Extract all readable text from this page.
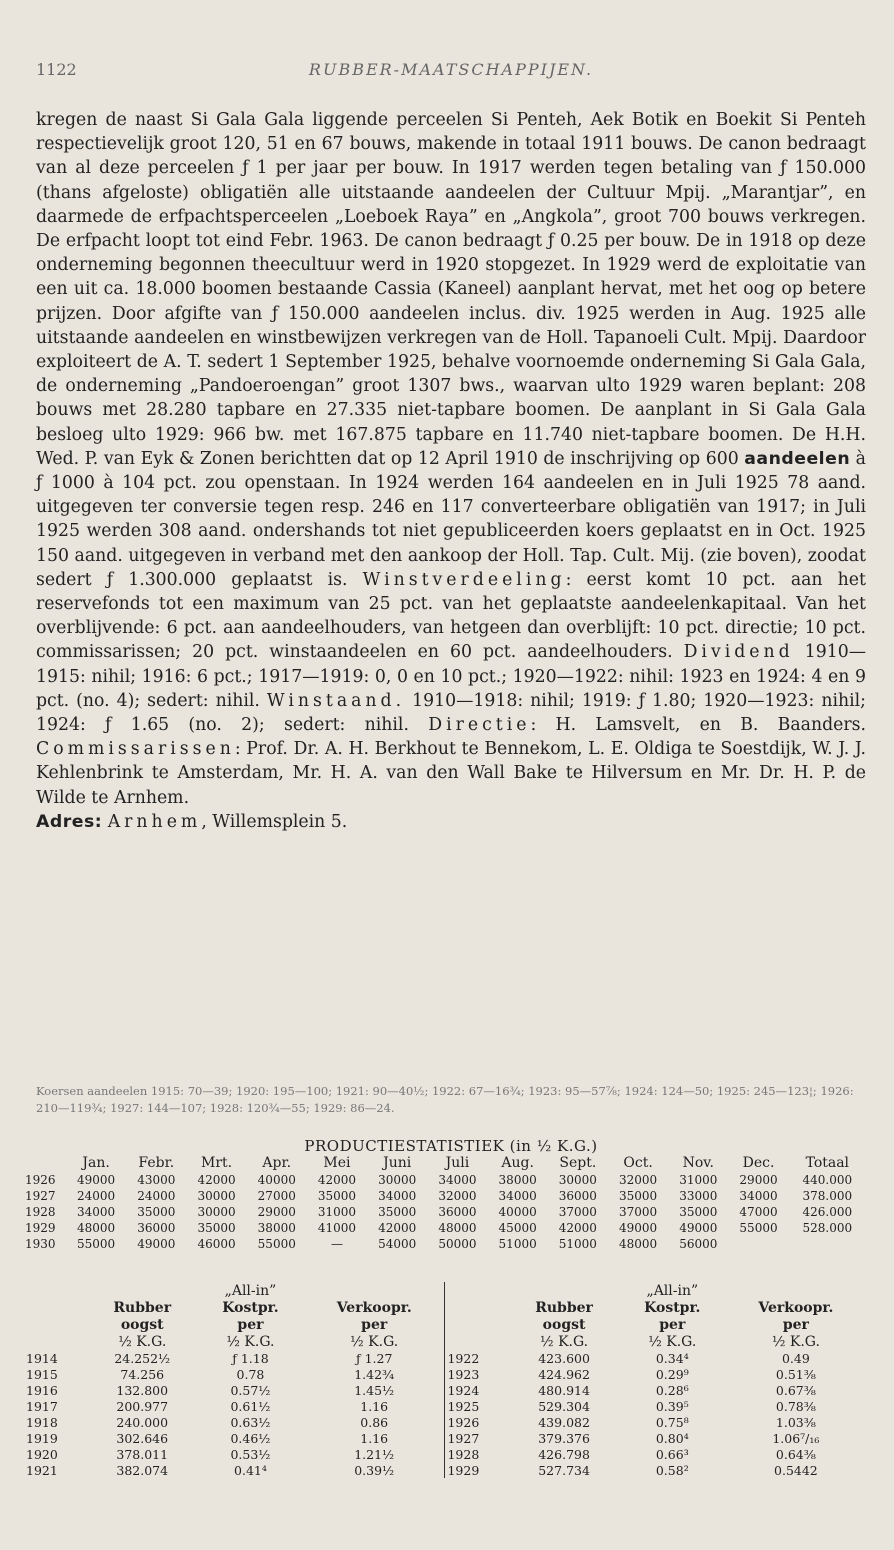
1122	RUBBER-MAATSCHAPPIJEN.

kregen de naast Si Gala Gala liggende perceelen Si Penteh, Aek Botik en Boekit Si Penteh respectievelijk groot 120, 51 en 67 bouws, makende in totaal 1911 bouws. De canon bedraagt van al deze perceelen ƒ 1 per jaar per bouw. In 1917 werden tegen betaling van ƒ 150.000 (thans afgeloste) obligatiën alle uitstaande aandeelen der Cultuur Mpij. „Marantjar”, en daarmede de erfpachtsperceelen „Loeboek Raya” en „Angkola”, groot 700 bouws verkregen. De erfpacht loopt tot eind Febr. 1963. De canon bedraagt ƒ 0.25 per bouw. De in 1918 op deze onderneming begonnen theecultuur werd in 1920 stopgezet. In 1929 werd de exploitatie van een uit ca. 18.000 boomen bestaande Cassia (Kaneel) aanplant hervat, met het oog op betere prijzen. Door afgifte van ƒ 150.000 aandeelen inclus. div. 1925 werden in Aug. 1925 alle uitstaande aandeelen en winstbewijzen verkregen van de Holl. Tapanoeli Cult. Mpij. Daardoor exploiteert de A. T. sedert 1 September 1925, behalve voornoemde onderneming Si Gala Gala, de onderneming „Pandoeroengan” groot 1307 bws., waarvan ulto 1929 waren beplant: 208 bouws met 28.280 tapbare en 27.335 niet-tapbare boomen. De aanplant in Si Gala Gala besloeg ulto 1929: 966 bw. met 167.875 tapbare en 11.740 niet-tapbare boomen. De H.H. Wed. P. van Eyk & Zonen berichtten dat op 12 April 1910 de inschrijving op 600 aandeelen à ƒ 1000 à 104 pct. zou openstaan. In 1924 werden 164 aandeelen en in Juli 1925 78 aand. uitgegeven ter conversie tegen resp. 246 en 117 converteerbare obligatiën van 1917; in Juli 1925 werden 308 aand. ondershands tot niet gepubliceerden koers geplaatst en in Oct. 1925 150 aand. uitgegeven in verband met den aankoop der Holl. Tap. Cult. Mij. (zie boven), zoodat sedert ƒ 1.300.000 geplaatst is. Winstverdeeling: eerst komt 10 pct. aan het reservefonds tot een maximum van 25 pct. van het geplaatste aandeelenkapitaal. Van het overblijvende: 6 pct. aan aandeelhouders, van hetgeen dan overblijft: 10 pct. directie; 10 pct. commissarissen; 20 pct. winstaandeelen en 60 pct. aandeelhouders. Dividend 1910—1915: nihil; 1916: 6 pct.; 1917—1919: 0, 0 en 10 pct.; 1920—1922: nihil: 1923 en 1924: 4 en 9 pct. (no. 4); sedert: nihil. Winstaand. 1910—1918: nihil; 1919: ƒ 1.80; 1920—1923: nihil; 1924: ƒ 1.65 (no. 2); sedert: nihil. Directie: H. Lamsvelt, en B. Baanders. Commissarissen: Prof. Dr. A. H. Berkhout te Bennekom, L. E. Oldiga te Soestdijk, W. J. J. Kehlenbrink te Amsterdam, Mr. H. A. van den Wall Bake te Hilversum en Mr. Dr. H. P. de Wilde te Arnhem.
Adres: Arnhem, Willemsplein 5.

Koersen aandeelen 1915: 70—39; 1920: 195—100; 1921: 90—40½; 1922: 67—16¾; 1923: 95—57⅞; 1924: 124—50; 1925: 245—123¦; 1926: 210—119¾; 1927: 144—107; 1928: 120¾—55; 1929: 86—24.

PRODUCTIESTATISTIEK (in ½ K.G.)
	Jan.	Febr.	Mrt.	Apr.	Mei	Juni	Juli	Aug.	Sept.	Oct.	Nov.	Dec.	Totaal
1926	49000	43000	42000	40000	42000	30000	34000	38000	30000	32000	31000	29000	440.000
1927	24000	24000	30000	27000	35000	34000	32000	34000	36000	35000	33000	34000	378.000
1928	34000	35000	30000	29000	31000	35000	36000	40000	37000	37000	35000	47000	426.000
1929	48000	36000	35000	38000	41000	42000	48000	45000	42000	49000	49000	55000	528.000
1930	55000	49000	46000	55000	—	54000	50000	51000	51000	48000	56000		
		„All-in”				„All-in”	
	Rubber	Kostpr.	Verkoopr.		Rubber	Kostpr.	Verkoopr.
	oogst	per	per		oogst	per	per
	½ K.G.	½ K.G.	½ K.G.		½ K.G.	½ K.G.	½ K.G.
1914	24.252½	ƒ 1.18	ƒ 1.27	1922	423.600	0.34⁴	0.49
1915	74.256	0.78	1.42¾	1923	424.962	0.29⁹	0.51⅜
1916	132.800	0.57½	1.45½	1924	480.914	0.28⁶	0.67⅜
1917	200.977	0.61½	1.16	1925	529.304	0.39⁵	0.78⅜
1918	240.000	0.63½	0.86	1926	439.082	0.75⁸	1.03⅜
1919	302.646	0.46½	1.16	1927	379.376	0.80⁴	1.06⁷/₁₆
1920	378.011	0.53½	1.21½	1928	426.798	0.66³	0.64⅜
1921	382.074	0.41⁴	0.39½	1929	527.734	0.58²	0.5442
